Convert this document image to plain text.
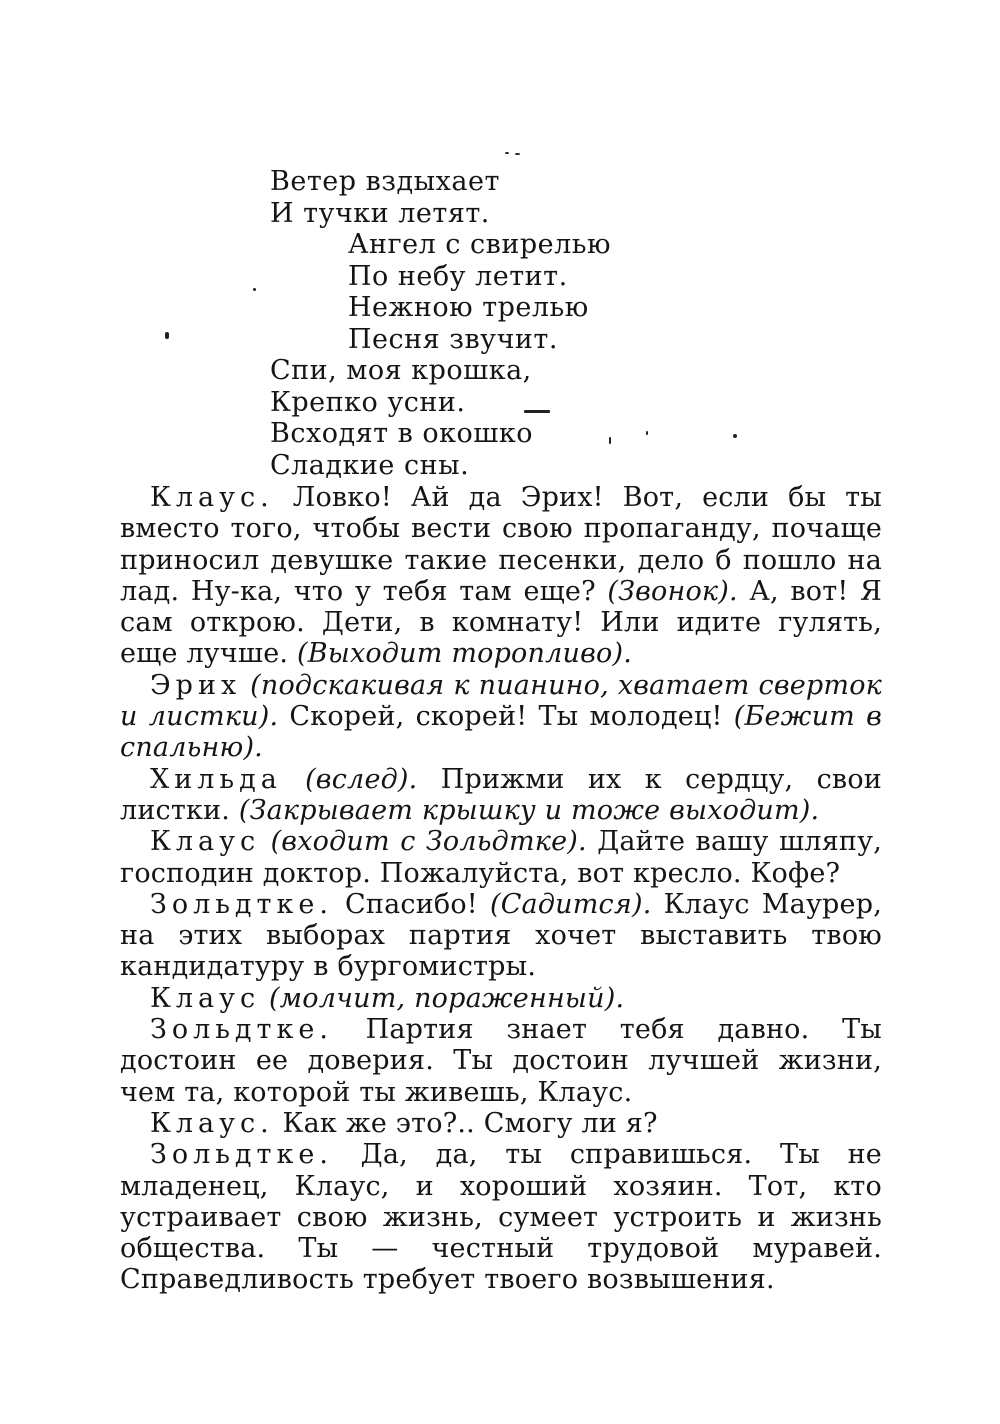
Ветер вздыхает
И тучки летят.
Ангел с свирелью
По небу летит.
Нежною трелью
Песня звучит.
Спи, моя крошка,
Крепко усни.
Всходят в окошко
Сладкие сны.

Клаус. Ловко! Ай да Эрих! Вот, если бы ты вместо того, чтобы вести свою пропаганду, почаще приносил девушке такие песенки, дело б пошло на лад. Ну-ка, что у тебя там еще? (Звонок). А, вот! Я сам открою. Дети, в комнату! Или идите гулять, еще лучше. (Выходит торопливо).

Эрих (подскакивая к пианино, хватает сверток и листки). Скорей, скорей! Ты молодец! (Бежит в спальню).

Хильда (вслед). Прижми их к сердцу, свои листки. (Закрывает крышку и тоже выходит).

Клаус (входит с Зольдтке). Дайте вашу шляпу, господин доктор. Пожалуйста, вот кресло. Кофе?

Зольдтке. Спасибо! (Садится). Клаус Маурер, на этих выборах партия хочет выставить твою кандидатуру в бургомистры.

Клаус (молчит, пораженный).

Зольдтке. Партия знает тебя давно. Ты достоин ее доверия. Ты достоин лучшей жизни, чем та, которой ты живешь, Клаус.

Клаус. Как же это?.. Смогу ли я?

Зольдтке. Да, да, ты справишься. Ты не младенец, Клаус, и хороший хозяин. Тот, кто устраивает свою жизнь, сумеет устроить и жизнь общества. Ты — честный трудовой муравей. Справедливость требует твоего возвышения.
